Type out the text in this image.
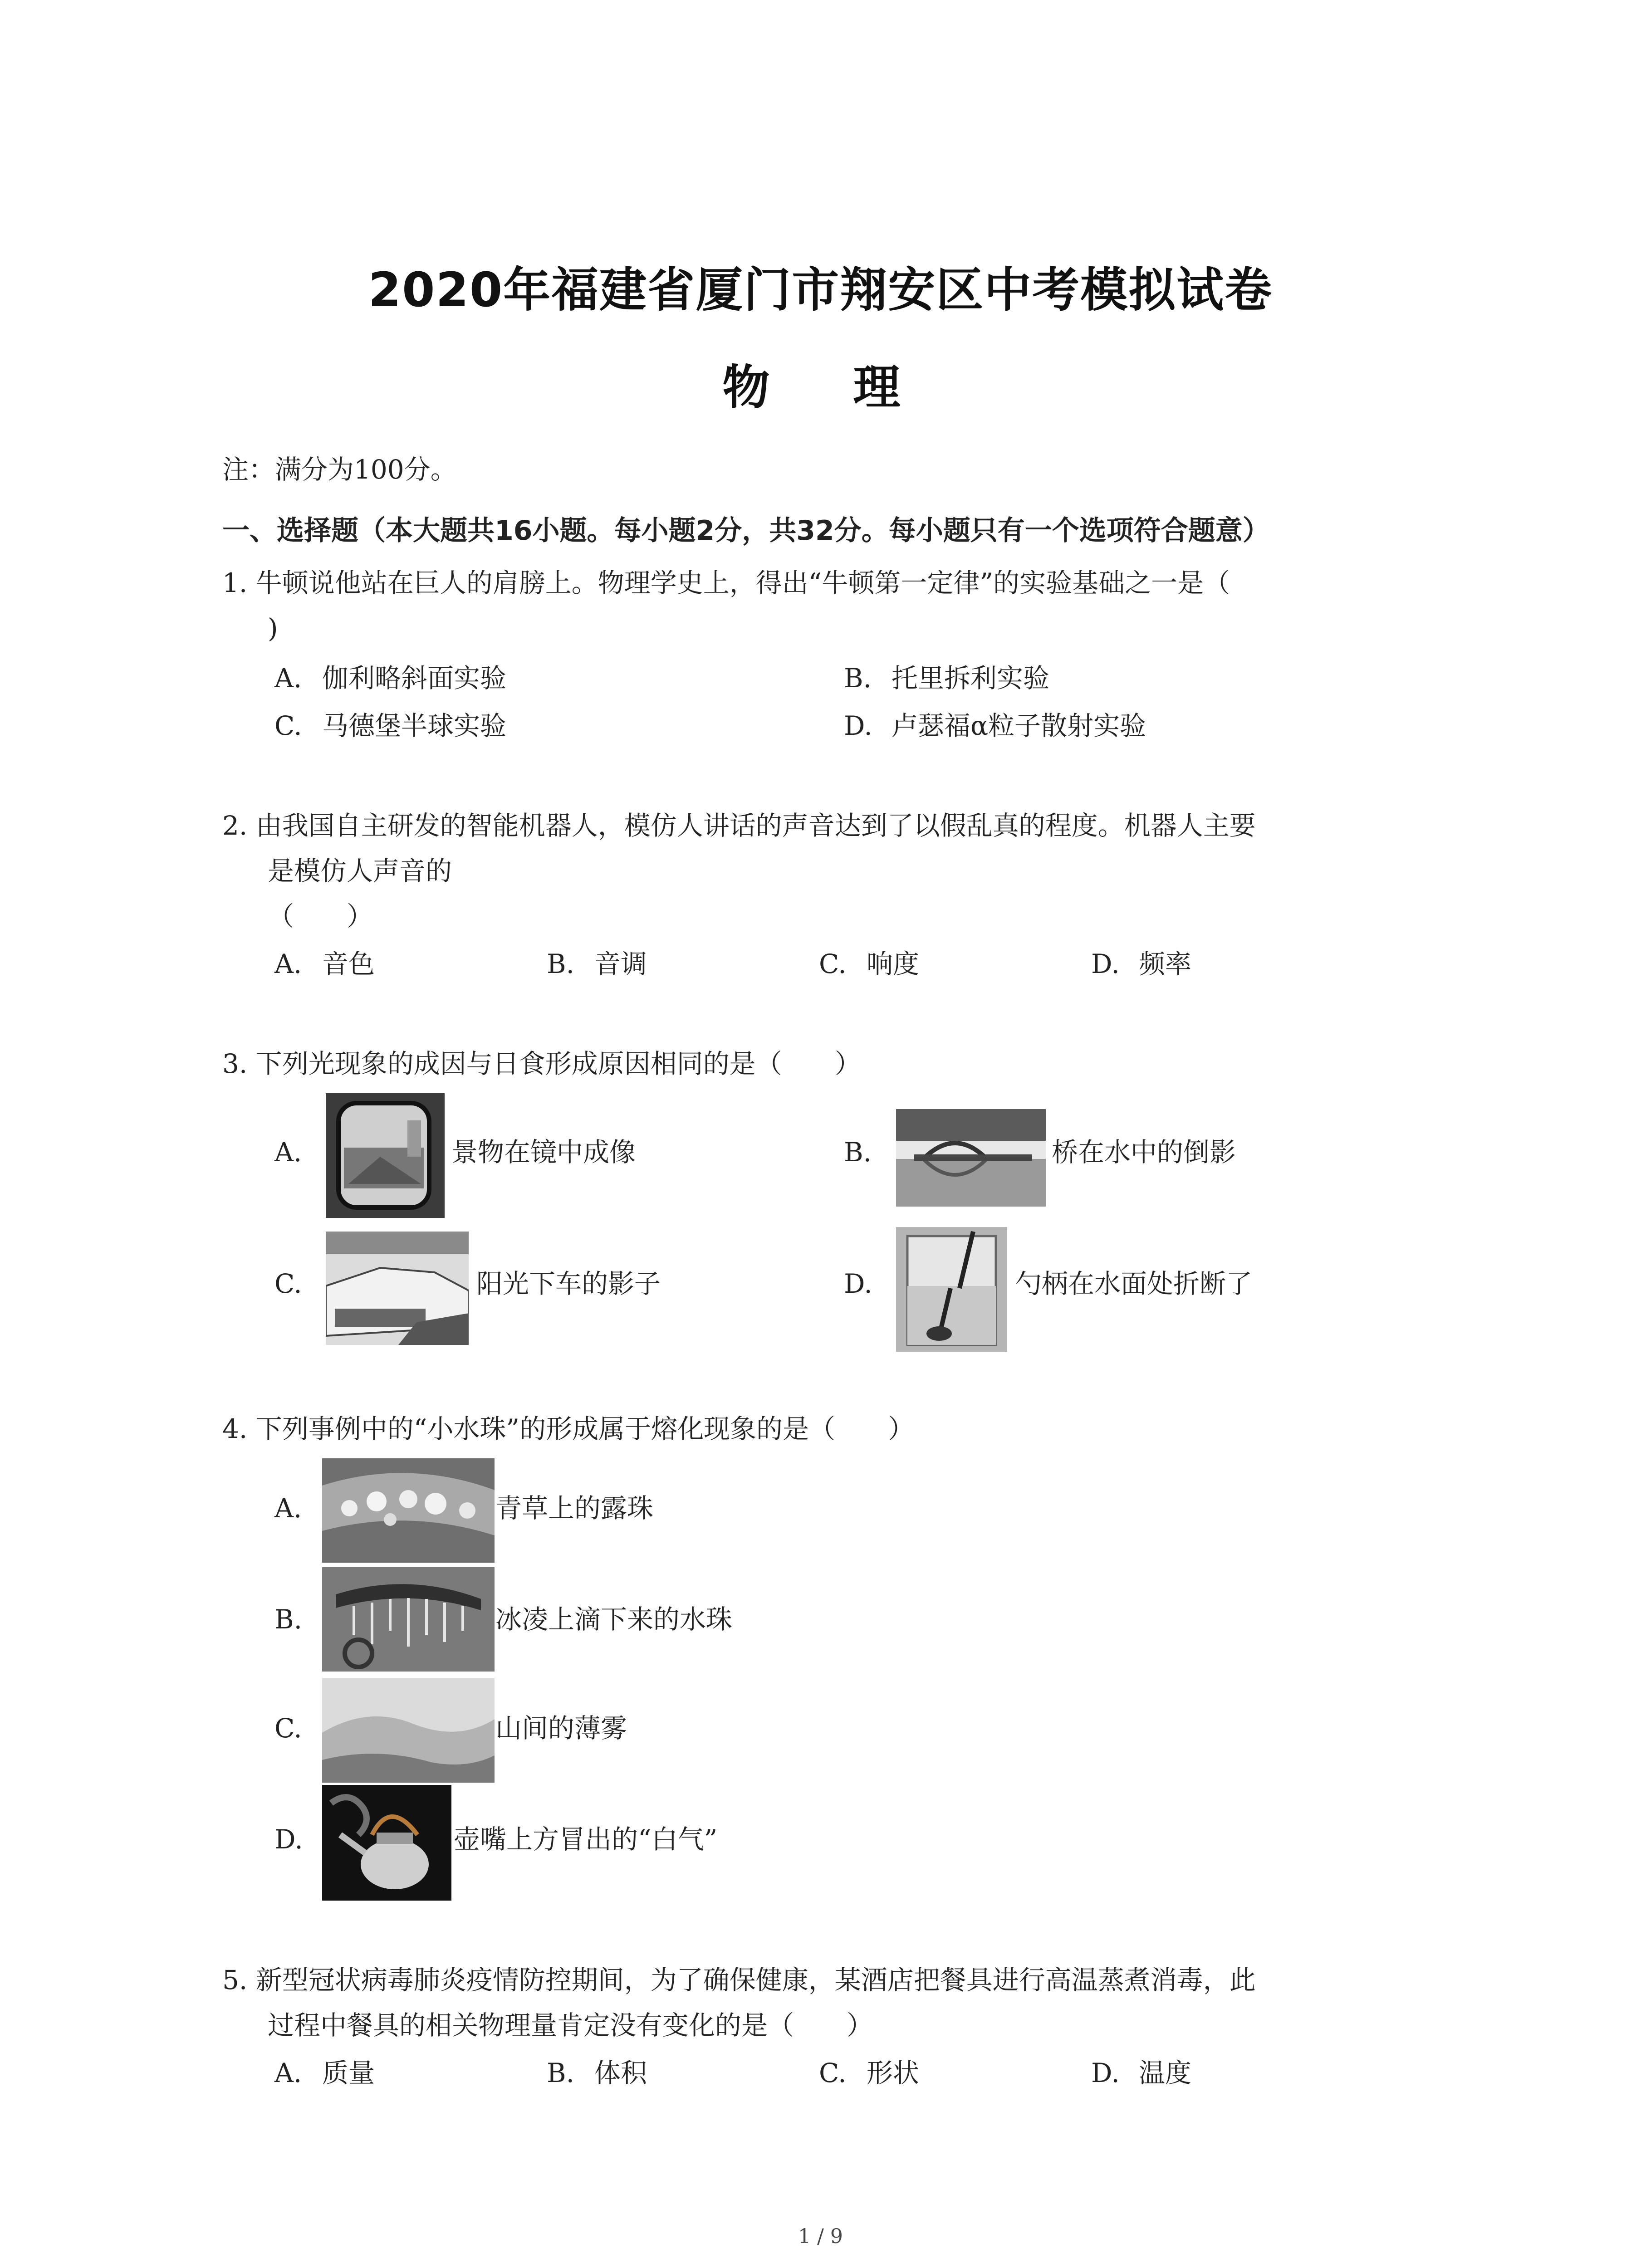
2020年福建省厦门市翔安区中考模拟试卷
物　理
注：满分为100分。
一、选择题（本大题共16小题。每小题2分，共32分。每小题只有一个选项符合题意）
1. 牛顿说他站在巨人的肩膀上。物理学史上，得出“牛顿第一定律”的实验基础之一是（
)
A. 伽利略斜面实验	B. 托里拆利实验
C. 马德堡半球实验	D. 卢瑟福α粒子散射实验
2. 由我国自主研发的智能机器人，模仿人讲话的声音达到了以假乱真的程度。机器人主要
是模仿人声音的
（　　）
A. 音色	B. 音调	C. 响度	D. 频率
3. 下列光现象的成因与日食形成原因相同的是（　　）
A.	景物在镜中成像	B.	桥在水中的倒影
C.	阳光下车的影子	D.	勺柄在水面处折断了
4. 下列事例中的“小水珠”的形成属于熔化现象的是（　　）
A.	青草上的露珠
B.	冰凌上滴下来的水珠
C.	山间的薄雾
D.	壶嘴上方冒出的“白气”
5. 新型冠状病毒肺炎疫情防控期间，为了确保健康，某酒店把餐具进行高温蒸煮消毒，此
过程中餐具的相关物理量肯定没有变化的是（　　）
A. 质量	B. 体积	C. 形状	D. 温度
1 / 9
